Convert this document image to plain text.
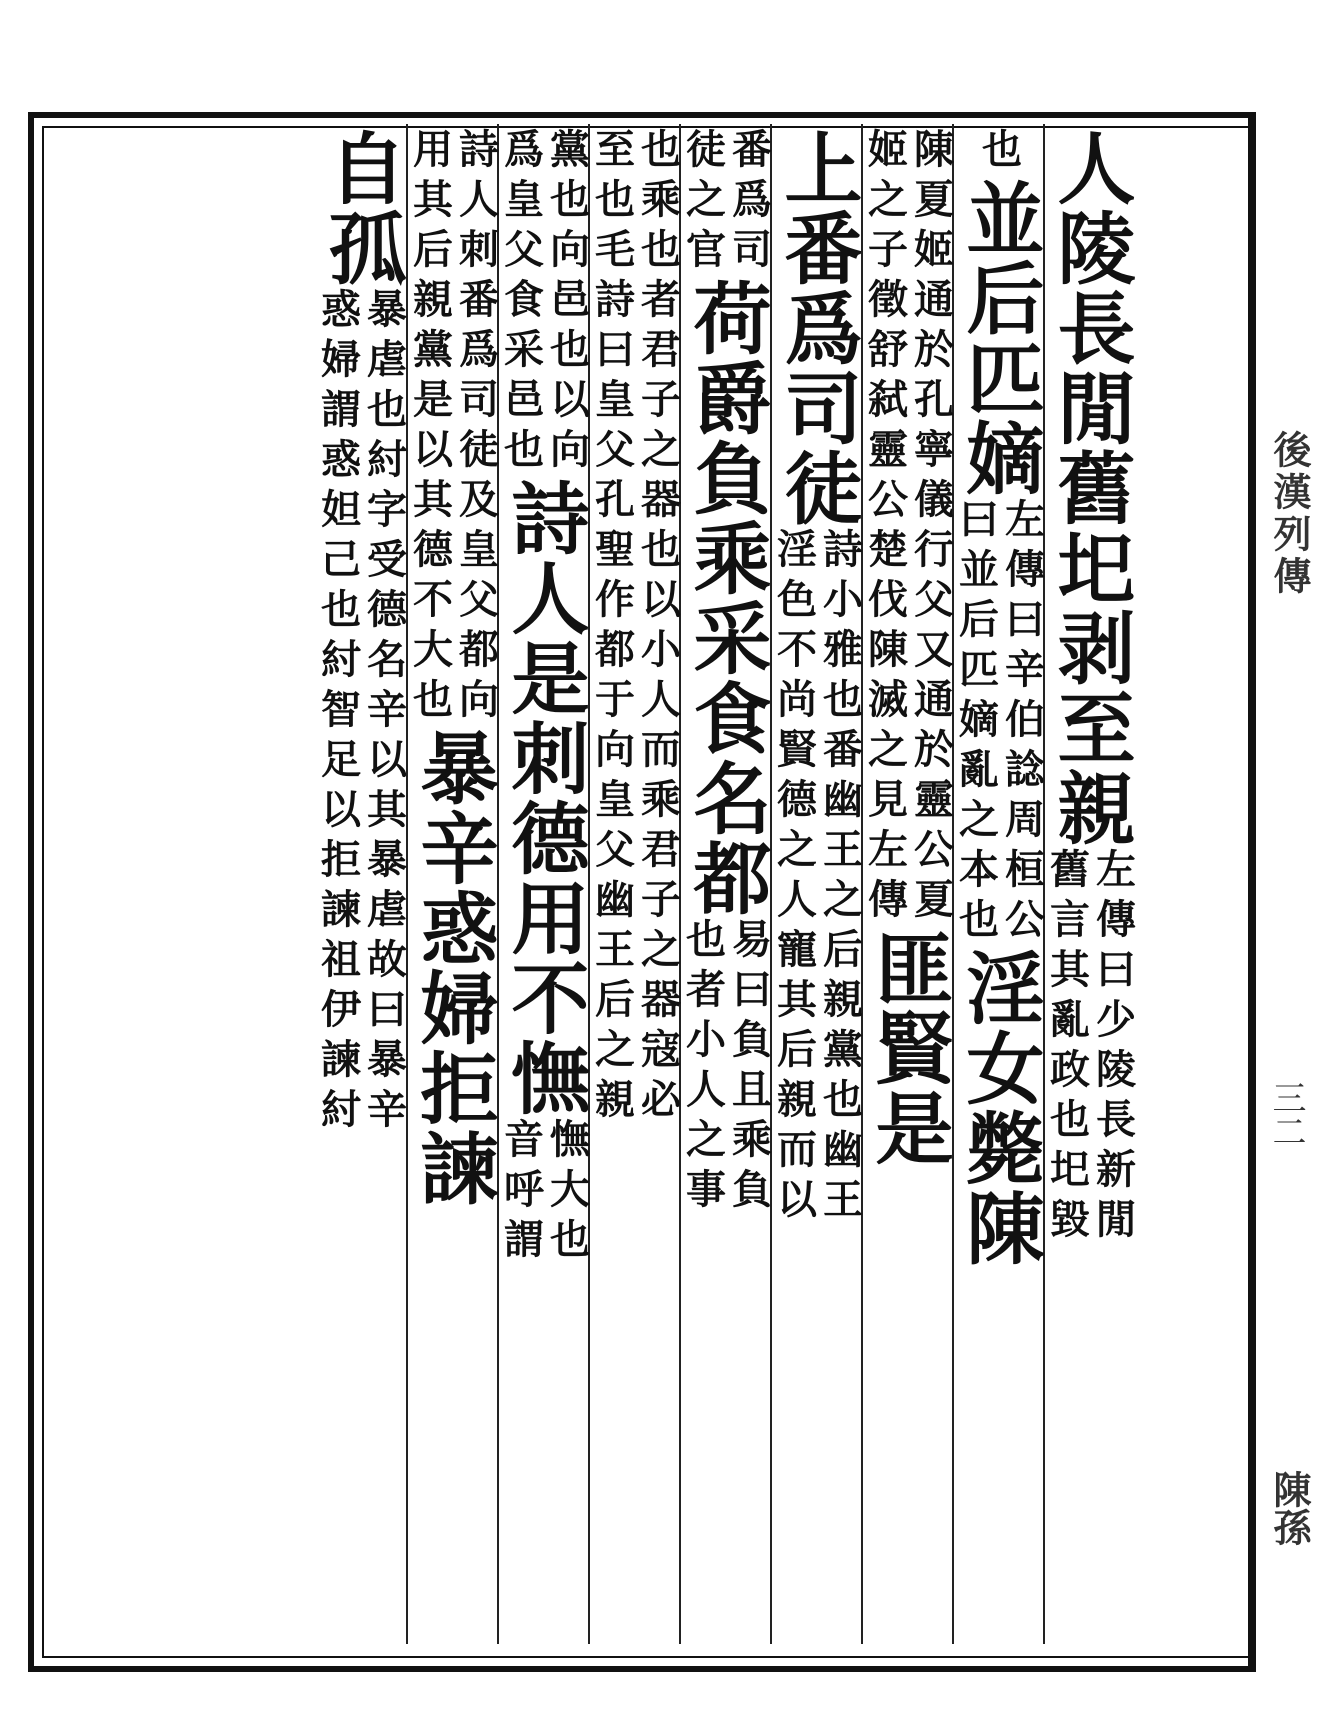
人陵長閒舊圯剥至親
左傳曰少陵長新閒
舊言其亂政也圯毀
也
並后匹嫡
左傳曰辛伯諗周桓公
曰並后匹嫡亂之本也
淫女斃陳
陳夏姬通於孔寧儀行父又通於靈公夏
姬之子徵舒弑靈公楚伐陳滅之見左傳
匪賢是
上番爲司徒
詩小雅也番幽王之后親黨也幽王
淫色不尚賢德之人寵其后親而以
番爲司
徒之官
荷爵負乘采食名都
易曰負且乘負
也者小人之事
也乘也者君子之器也以小人而乘君子之器寇必
至也毛詩曰皇父孔聖作都于向皇父幽王后之親
黨也向邑也以向
爲皇父食采邑也
詩人是刺德用不憮
憮大也
音呼謂
詩人刺番爲司徒及皇父都向
用其后親黨是以其德不大也
暴辛惑婦拒諫
自孤
暴虐也紂字受德名辛以其暴虐故曰暴辛
惑婦謂惑妲己也紂智足以拒諫祖伊諫紂	後漢列傳
三二
陳孫
